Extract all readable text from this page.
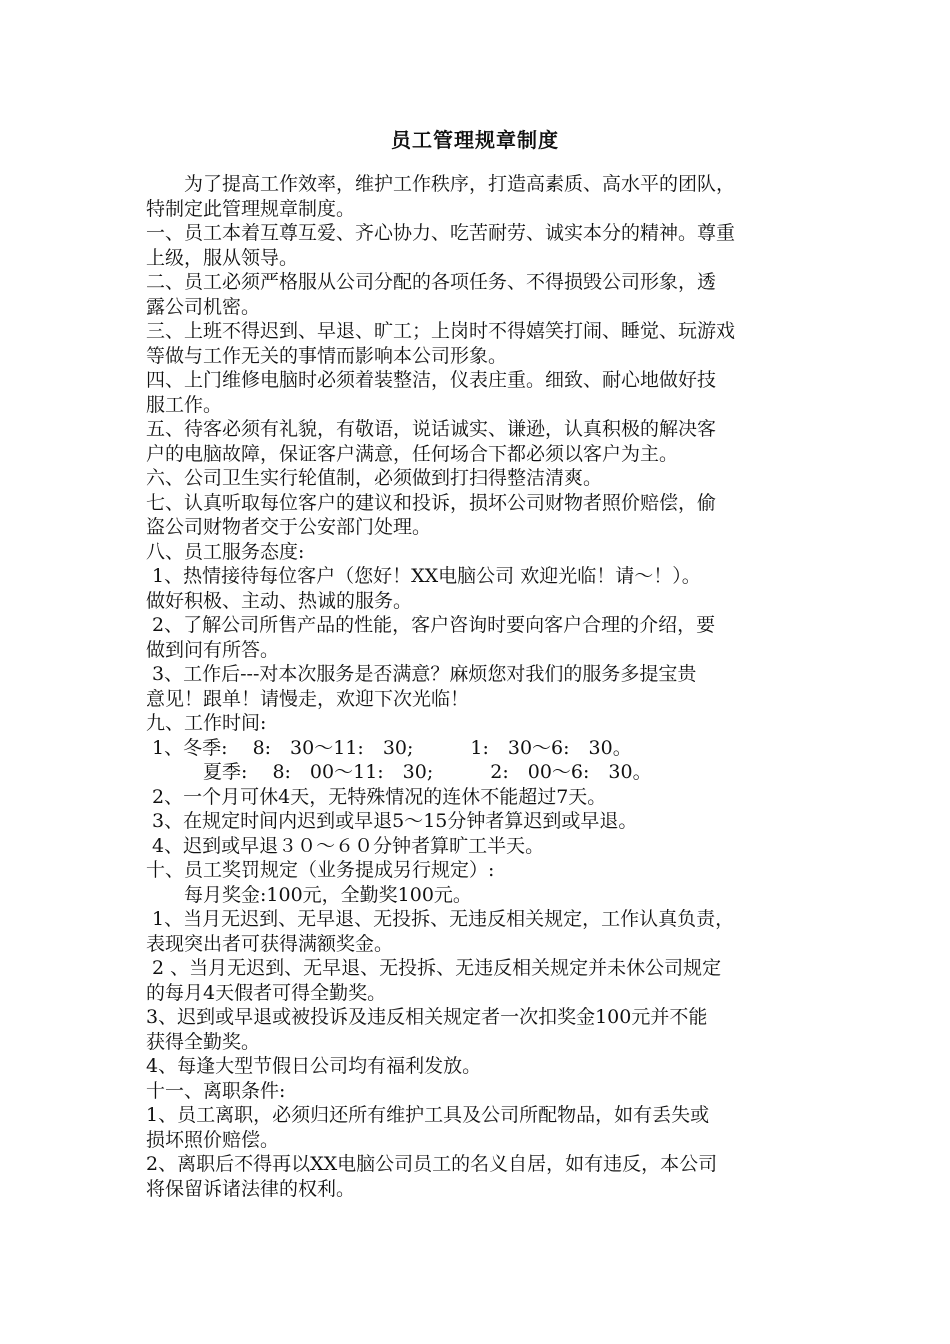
员工管理规章制度
　　为了提高工作效率，维护工作秩序，打造高素质、高水平的团队，
特制定此管理规章制度。
一、员工本着互尊互爱、齐心协力、吃苦耐劳、诚实本分的精神。尊重
上级，服从领导。
二、员工必须严格服从公司分配的各项任务、不得损毁公司形象，透
露公司机密。
三、上班不得迟到、早退、旷工；上岗时不得嬉笑打闹、睡觉、玩游戏
等做与工作无关的事情而影响本公司形象。
四、上门维修电脑时必须着装整洁，仪表庄重。细致、耐心地做好技
服工作。
五、待客必须有礼貌，有敬语，说话诚实、谦逊，认真积极的解决客
户的电脑故障，保证客户满意，任何场合下都必须以客户为主。
六、公司卫生实行轮值制，必须做到打扫得整洁清爽。
七、认真听取每位客户的建议和投诉，损坏公司财物者照价赔偿，偷
盗公司财物者交于公安部门处理。
八、员工服务态度:
1、热情接待每位客户（您好！XX电脑公司 欢迎光临！请～！）。
做好积极、主动、热诚的服务。
2、了解公司所售产品的性能，客户咨询时要向客户合理的介绍，要
做到问有所答。
3、工作后---对本次服务是否满意？麻烦您对我们的服务多提宝贵
意见！跟单！请慢走，欢迎下次光临！
九、工作时间:
1、冬季:　 8:　30～11:　30;　　　1:　30～6:　30。
　　　夏季:　 8:　00～11:　30;　　　2:　00～6:　30。
2、一个月可休4天，无特殊情况的连休不能超过7天。
3、在规定时间内迟到或早退5～15分钟者算迟到或早退。
4、迟到或早退３０～６０分钟者算旷工半天。
十、员工奖罚规定（业务提成另行规定）:
　　每月奖金:100元，全勤奖100元。
1、当月无迟到、无早退、无投拆、无违反相关规定，工作认真负责，
表现突出者可获得满额奖金。
2 、当月无迟到、无早退、无投拆、无违反相关规定并未休公司规定
的每月4天假者可得全勤奖。
3、迟到或早退或被投诉及违反相关规定者一次扣奖金100元并不能
获得全勤奖。
4、每逢大型节假日公司均有福利发放。
十一、离职条件:
1、员工离职，必须归还所有维护工具及公司所配物品，如有丢失或
损坏照价赔偿。
2、离职后不得再以XX电脑公司员工的名义自居，如有违反，本公司
将保留诉诸法律的权利。
